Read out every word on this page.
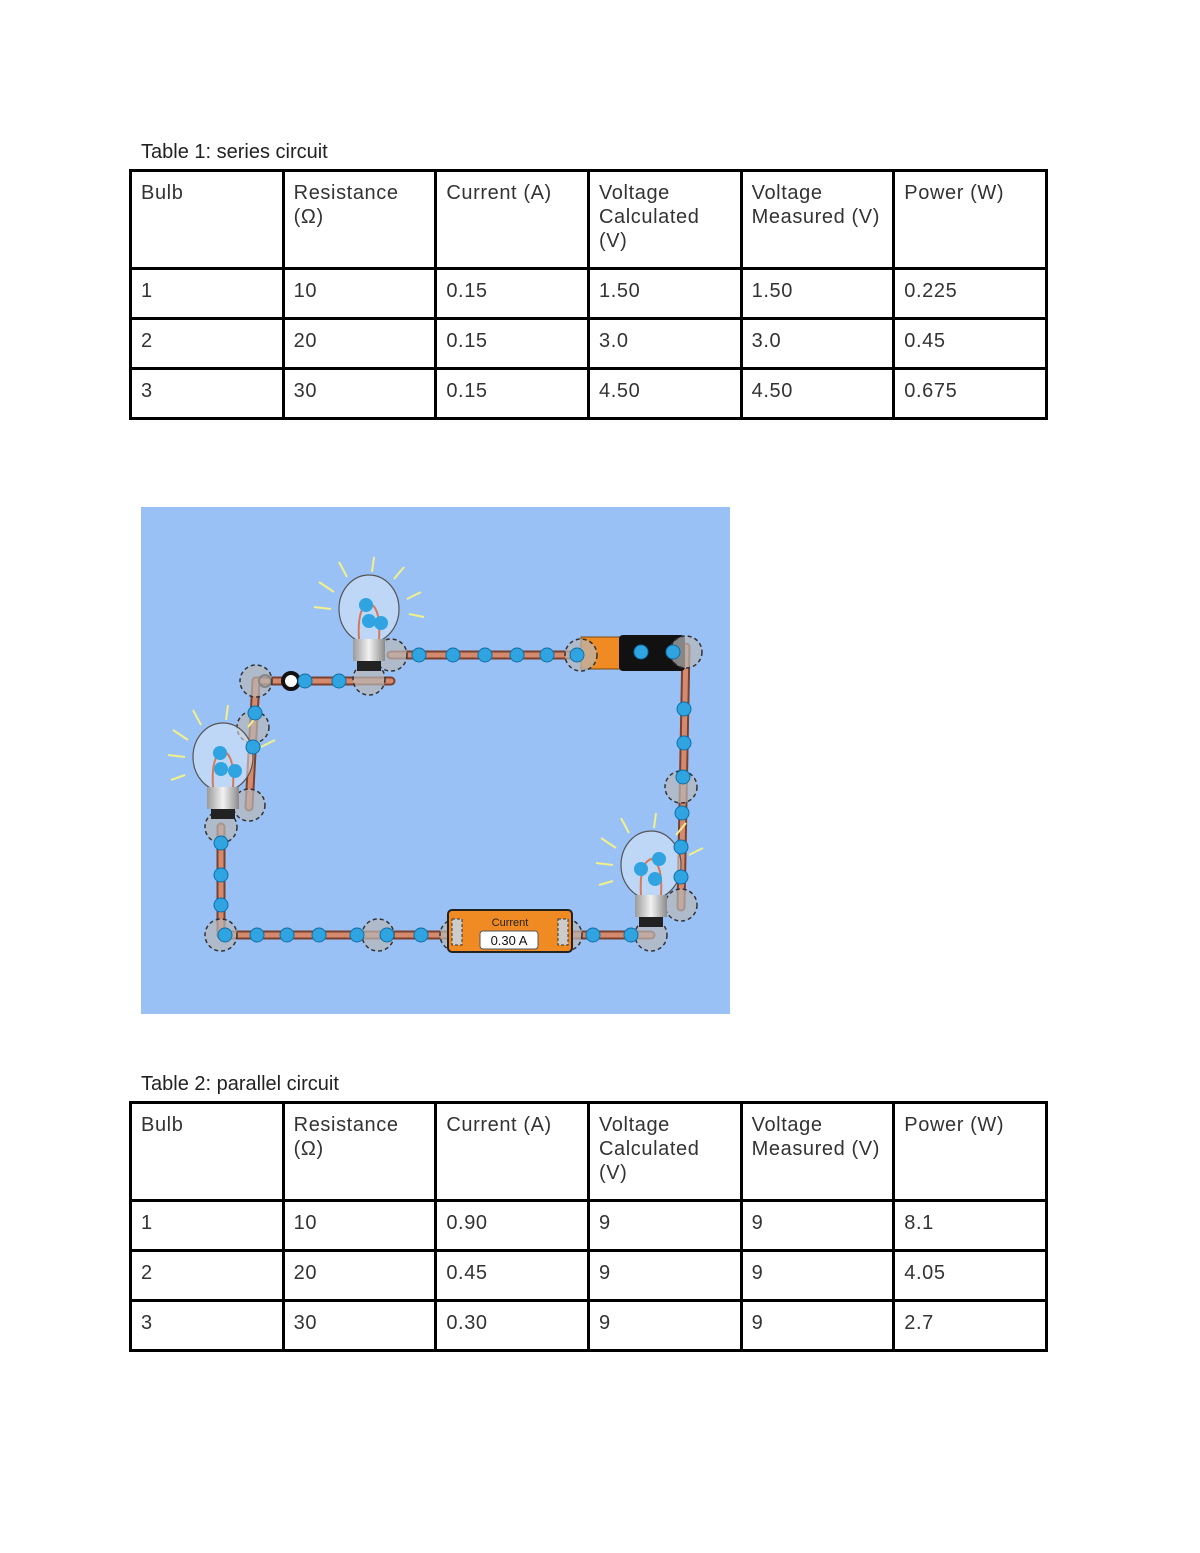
Table 1: series circuit
Bulb	Resistance (Ω)	Current (A)	Voltage Calculated (V)	Voltage Measured (V)	Power (W)
1	10	0.15	1.50	1.50	0.225
2	20	0.15	3.0	3.0	0.45
3	30	0.15	4.50	4.50	0.675
Current
0.30 A
Table 2: parallel circuit
Bulb	Resistance (Ω)	Current (A)	Voltage Calculated (V)	Voltage Measured (V)	Power (W)
1	10	0.90	9	9	8.1
2	20	0.45	9	9	4.05
3	30	0.30	9	9	2.7
